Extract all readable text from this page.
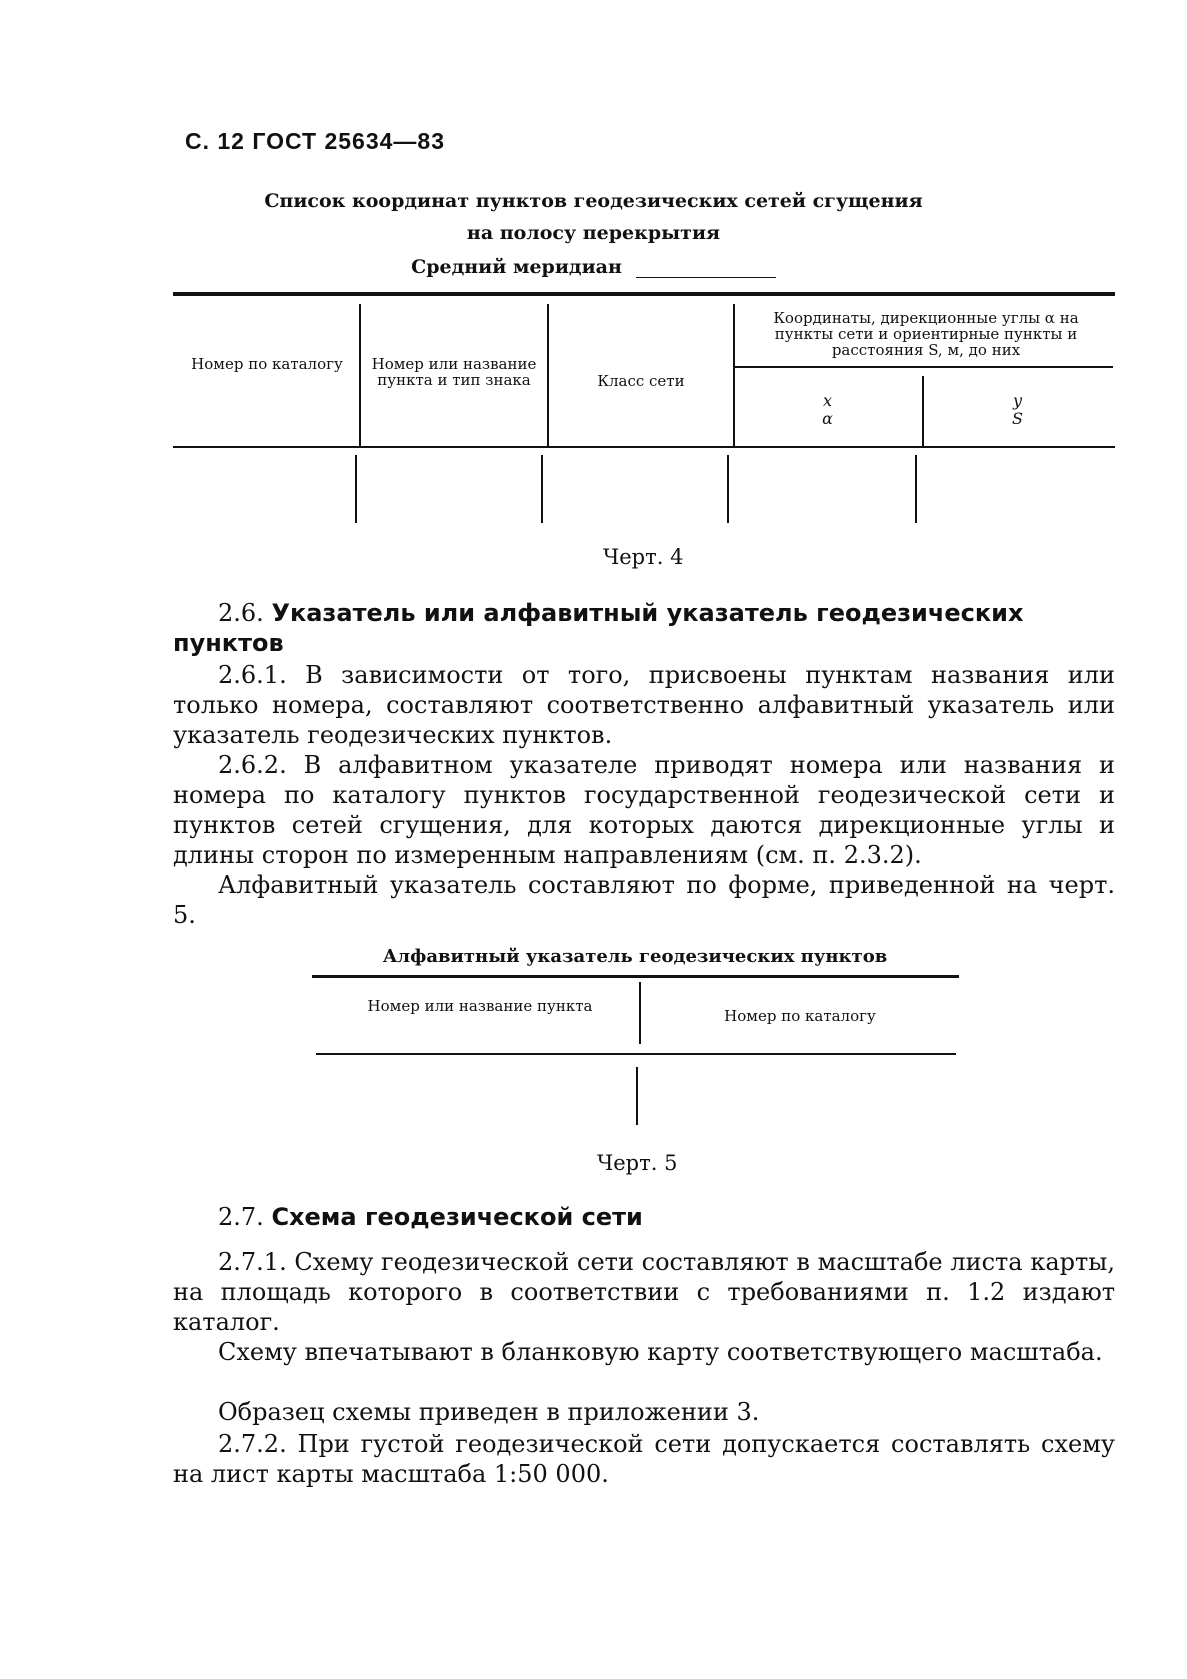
С. 12 ГОСТ 25634—83
Список координат пунктов геодезических сетей сгущения
на полосу перекрытия
Средний меридиан
Номер по каталогу Номер или название пункта и тип знака	Класс сети
Координаты, дирекционные углы α на пункты сети и ориентирные пункты и расстояния S, м, до них
x
α
y
S
Черт. 4
2.6. Указатель или алфавитный указатель геодезических пунктов

2.6.1. В зависимости от того, присвоены пунктам названия или только номера, составляют соответственно алфавитный указатель или указатель геодезических пунктов.

2.6.2. В алфавитном указателе приводят номера или названия и номера по каталогу пунктов государственной геодезической сети и пунктов сетей сгущения, для которых даются дирекционные углы и длины сторон по измеренным направлениям (см. п. 2.3.2).

Алфавитный указатель составляют по форме, приведенной на черт. 5.

Алфавитный указатель геодезических пунктов
Номер или название пункта
Номер по каталогу
Черт. 5
2.7. Схема геодезической сети

2.7.1. Схему геодезической сети составляют в масштабе листа карты, на площадь которого в соответствии с требованиями п. 1.2 издают каталог.

Схему впечатывают в бланковую карту соответствующего масштаба.

Образец схемы приведен в приложении 3.

2.7.2. При густой геодезической сети допускается составлять схему на лист карты масштаба 1:50 000.
